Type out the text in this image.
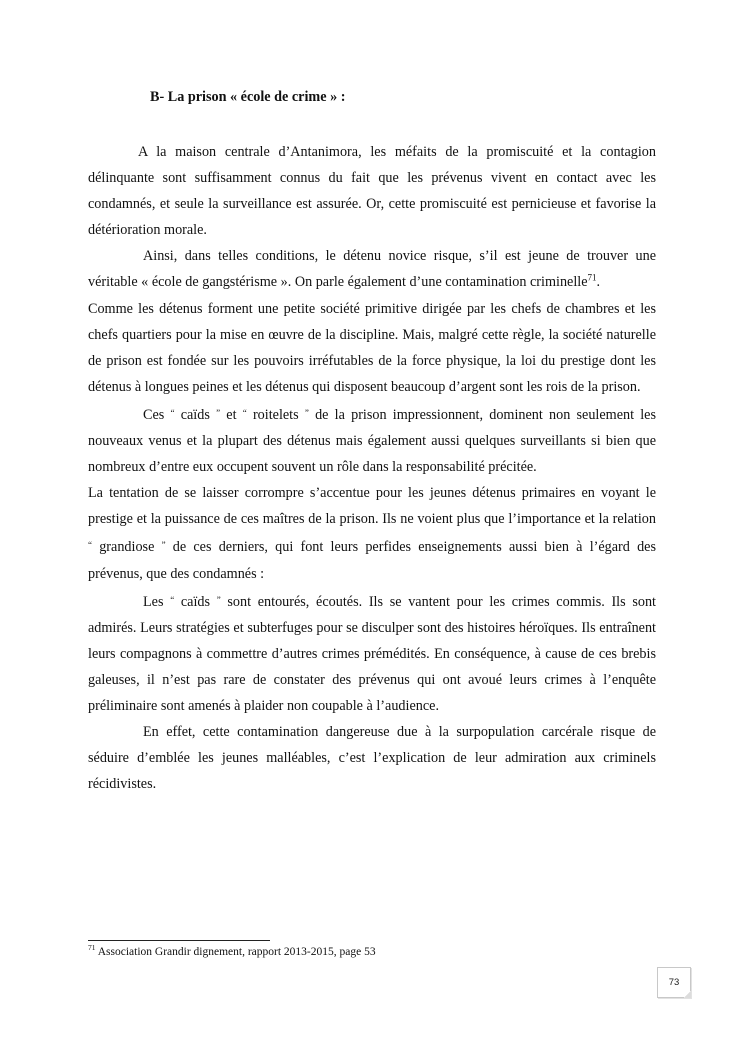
B- La prison « école de crime » :

A la maison centrale d’Antanimora, les méfaits de la promiscuité et la contagion délinquante sont suffisamment connus du fait que les prévenus vivent en contact avec les condamnés, et seule la surveillance est assurée. Or, cette promiscuité est pernicieuse et favorise la détérioration morale.

Ainsi, dans telles conditions, le détenu novice risque, s’il est jeune de trouver une véritable « école de gangstérisme ». On parle également d’une contamination criminelle$^{71}$.

Comme les détenus forment une petite société primitive dirigée par les chefs de chambres et les chefs quartiers pour la mise en œuvre de la discipline. Mais, malgré cette règle, la société naturelle de prison est fondée sur les pouvoirs irréfutables de la force physique, la loi du prestige dont les détenus à longues peines et les détenus qui disposent beaucoup d’argent sont les rois de la prison.

Ces “ caïds ” et “ roitelets ” de la prison impressionnent, dominent non seulement les nouveaux venus et la plupart des détenus mais également aussi quelques surveillants si bien que nombreux d’entre eux occupent souvent un rôle dans la responsabilité précitée.

La tentation de se laisser corrompre s’accentue pour les jeunes détenus primaires en voyant le prestige et la puissance de ces maîtres de la prison. Ils ne voient plus que l’importance et la relation “ grandiose ” de ces derniers, qui font leurs perfides enseignements aussi bien à l’égard des prévenus, que des condamnés :

Les “ caïds ” sont entourés, écoutés. Ils se vantent pour les crimes commis. Ils sont admirés. Leurs stratégies et subterfuges pour se disculper sont des histoires héroïques. Ils entraînent leurs compagnons à commettre d’autres crimes prémédités. En conséquence, à cause de ces brebis galeuses, il n’est pas rare de constater des prévenus qui ont avoué leurs crimes à l’enquête préliminaire sont amenés à plaider non coupable à l’audience.

En effet, cette contamination dangereuse due à la surpopulation carcérale risque de séduire d’emblée les jeunes malléables, c’est l’explication de leur admiration aux criminels récidivistes.

$^{71}$ Association Grandir dignement, rapport 2013-2015, page 53

73
